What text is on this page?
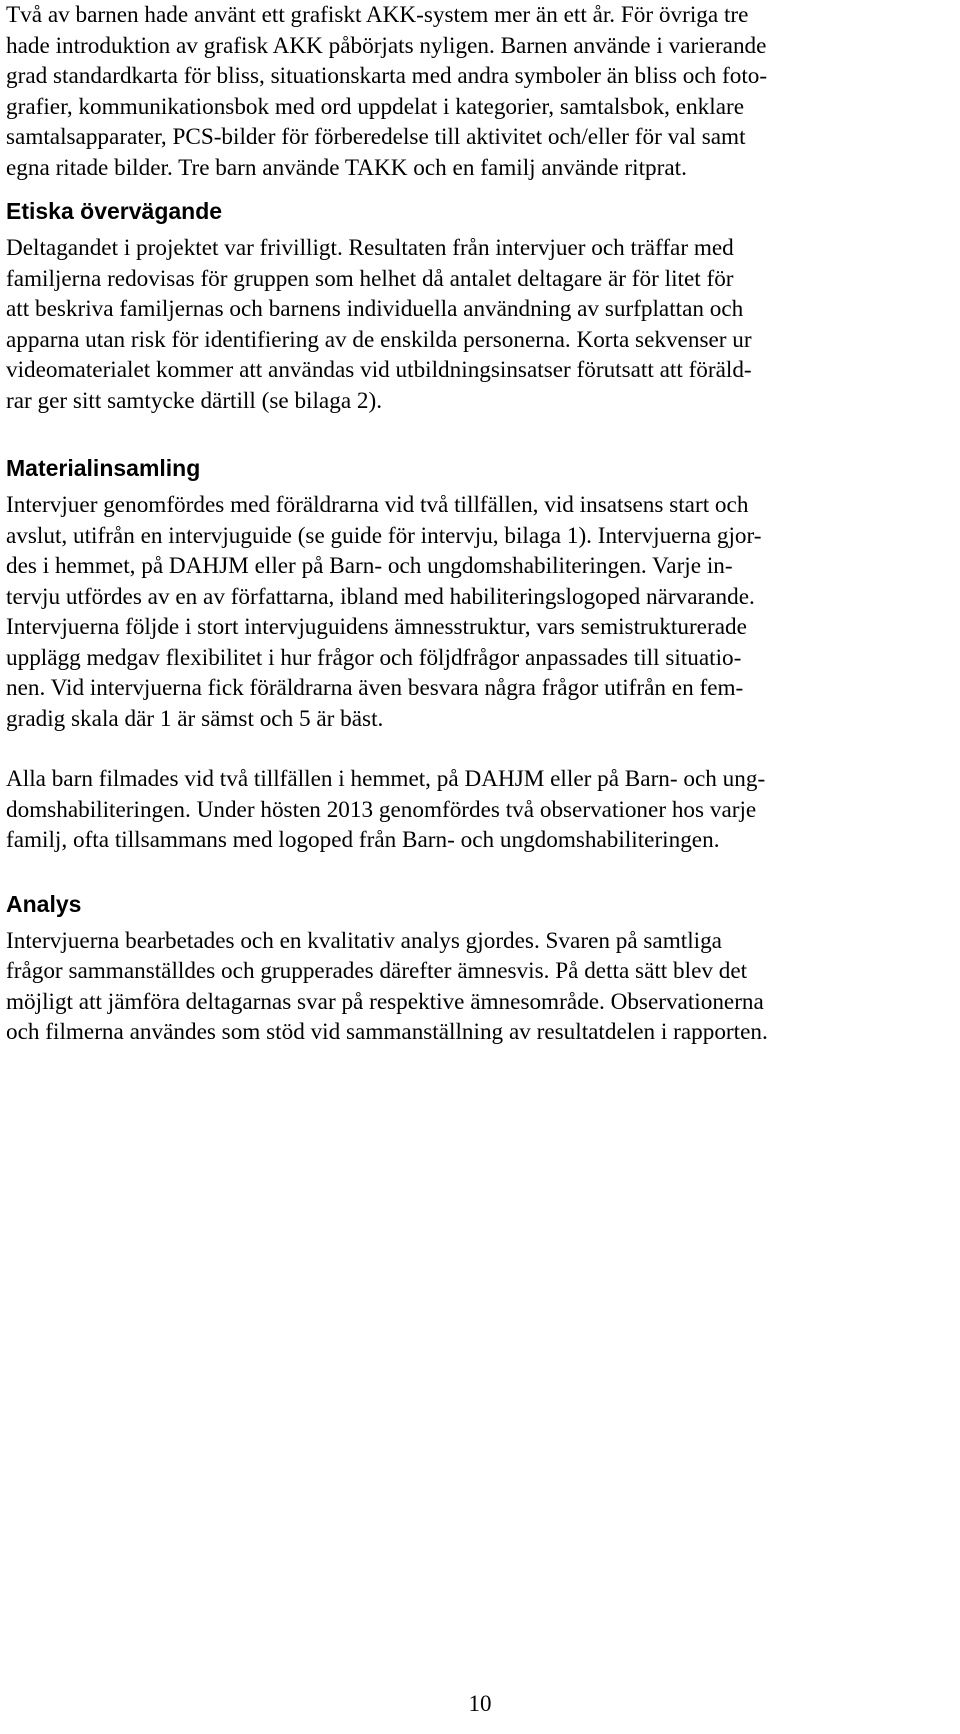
Två av barnen hade använt ett grafiskt AKK-system mer än ett år. För övriga tre
hade introduktion av grafisk AKK påbörjats nyligen. Barnen använde i varierande
grad standardkarta för bliss, situationskarta med andra symboler än bliss och foto-
grafier, kommunikationsbok med ord uppdelat i kategorier, samtalsbok, enklare
samtalsapparater, PCS-bilder för förberedelse till aktivitet och/eller för val samt
egna ritade bilder. Tre barn använde TAKK och en familj använde ritprat.

Etiska övervägande

Deltagandet i projektet var frivilligt. Resultaten från intervjuer och träffar med
familjerna redovisas för gruppen som helhet då antalet deltagare är för litet för
att beskriva familjernas och barnens individuella användning av surfplattan och
apparna utan risk för identifiering av de enskilda personerna. Korta sekvenser ur
videomaterialet kommer att användas vid utbildningsinsatser förutsatt att föräld-
rar ger sitt samtycke därtill (se bilaga 2).

Materialinsamling

Intervjuer genomfördes med föräldrarna vid två tillfällen, vid insatsens start och
avslut, utifrån en intervjuguide (se guide för intervju, bilaga 1). Intervjuerna gjor-
des i hemmet, på DAHJM eller på Barn- och ungdomshabiliteringen. Varje in-
tervju utfördes av en av författarna, ibland med habiliteringslogoped närvarande.
Intervjuerna följde i stort intervjuguidens ämnesstruktur, vars semistrukturerade
upplägg medgav flexibilitet i hur frågor och följdfrågor anpassades till situatio-
nen. Vid intervjuerna fick föräldrarna även besvara några frågor utifrån en fem-
gradig skala där 1 är sämst och 5 är bäst.

Alla barn filmades vid två tillfällen i hemmet, på DAHJM eller på Barn- och ung-
domshabiliteringen. Under hösten 2013 genomfördes två observationer hos varje
familj, ofta tillsammans med logoped från Barn- och ungdomshabiliteringen.

Analys

Intervjuerna bearbetades och en kvalitativ analys gjordes. Svaren på samtliga
frågor sammanställdes och grupperades därefter ämnesvis. På detta sätt blev det
möjligt att jämföra deltagarnas svar på respektive ämnesområde. Observationerna
och filmerna användes som stöd vid sammanställning av resultatdelen i rapporten.

10
